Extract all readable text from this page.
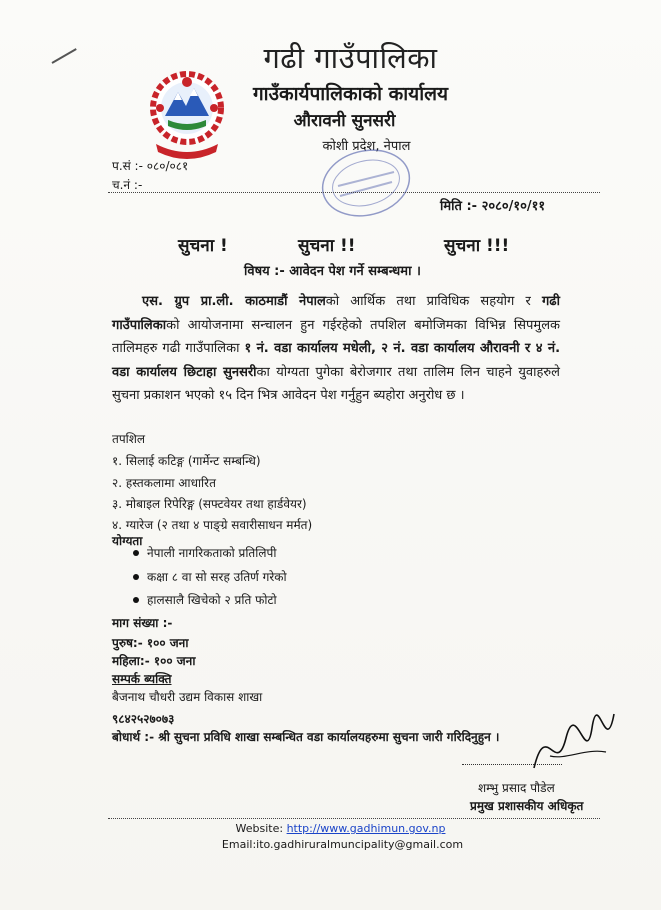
गढी गाउँपालिका
गाउँकार्यपालिकाको कार्यालय
औरावनी सुनसरी
कोशी प्रदेश, नेपाल
प.सं :- ०८०/०८१
च.नं :-
मिति :- २०८०/१०/११
सुचना !	सुचना !!	सुचना !!!
विषय :- आवेदन पेश गर्ने सम्बन्धमा ।
एस. ग्रुप प्रा.ली. काठमाडौं नेपालको आर्थिक तथा प्राविधिक सहयोग र गढी गाउँपालिकाको आयोजनामा सन्चालन हुन गईरहेको तपशिल बमोजिमका विभिन्न सिपमुलक तालिमहरु गढी गाउँपालिका १ नं. वडा कार्यालय मधेली, २ नं. वडा कार्यालय औरावनी र ४ नं. वडा कार्यालय छिटाहा सुनसरीका योग्यता पुगेका बेरोजगार तथा तालिम लिन चाहने युवाहरुले सुचना प्रकाशन भएको १५ दिन भित्र आवेदन पेश गर्नुहुन ब्यहोरा अनुरोध छ ।
तपशिल
१. सिलाई कटिङ्ग (गार्मेन्ट सम्बन्धि)
२. हस्तकलामा आधारित
३. मोबाइल रिपेरिङ्ग (सफ्टवेयर तथा हार्डवेयर)
४. ग्यारेज (२ तथा ४ पाङ्ग्रे सवारीसाधन मर्मत)
योग्यता
नेपाली नागरिकताको प्रतिलिपी
कक्षा ८ वा सो सरह उतिर्ण गरेको
हालसालै खिचेको २ प्रति फोटो
माग संख्या :-
पुरुष:- १०० जना
महिला:- १०० जना
सम्पर्क ब्यक्ति
बैजनाथ चौधरी उद्यम विकास शाखा
९८४२५२७०७३
बोधार्थ :- श्री सुचना प्रविधि शाखा सम्बन्धित वडा कार्यालयहरुमा सुचना जारी गरिदिनुहुन ।
शम्भु प्रसाद पौडेल
प्रमुख प्रशासकीय अधिकृत
Website: http://www.gadhimun.gov.np
Email:ito.gadhiruralmuncipality@gmail.com
